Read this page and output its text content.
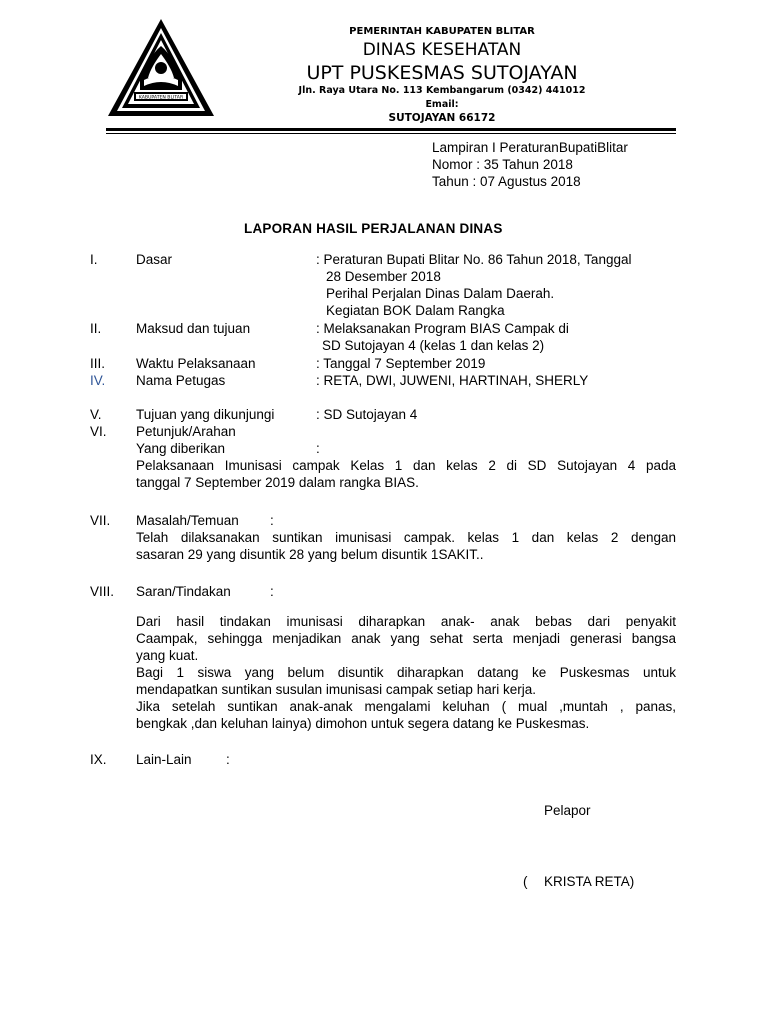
KABUPATEN BLITAR
PEMERINTAH KABUPATEN BLITAR
DINAS KESEHATAN
UPT PUSKESMAS SUTOJAYAN
Jln. Raya Utara No. 113 Kembangarum (0342) 441012
Email:
SUTOJAYAN 66172
Lampiran I PeraturanBupatiBlitar
Nomor : 35 Tahun 2018
Tahun : 07 Agustus 2018
LAPORAN HASIL PERJALANAN DINAS
I.	Dasar	: Peraturan Bupati Blitar No. 86 Tahun 2018, Tanggal
28 Desember 2018
Perihal Perjalan Dinas Dalam Daerah.
Kegiatan BOK Dalam Rangka
II.	Maksud dan tujuan	: Melaksanakan Program BIAS Campak di
SD Sutojayan 4 (kelas 1 dan kelas 2)
III. Waktu Pelaksanaan	: Tanggal 7 September 2019
IV. Nama Petugas	: RETA, DWI, JUWENI, HARTINAH, SHERLY
V.	Tujuan yang dikunjungi	: SD Sutojayan 4
VI. Petunjuk/Arahan
Yang diberikan	:
Pelaksanaan Imunisasi campak Kelas 1 dan kelas 2 di SD Sutojayan 4 pada
tanggal 7 September 2019 dalam rangka BIAS.
VII. Masalah/Temuan :
Telah dilaksanakan suntikan imunisasi campak. kelas 1 dan kelas 2 dengan
sasaran 29 yang disuntik 28 yang belum disuntik 1SAKIT..
VIII. Saran/Tindakan	:
Dari hasil tindakan imunisasi diharapkan anak- anak bebas dari penyakit
Caampak, sehingga menjadikan anak yang sehat serta menjadi generasi bangsa
yang kuat.
Bagi 1 siswa yang belum disuntik diharapkan datang ke Puskesmas untuk
mendapatkan suntikan susulan imunisasi campak setiap hari kerja.
Jika setelah suntikan anak-anak mengalami keluhan ( mual ,muntah , panas,
bengkak ,dan keluhan lainya) dimohon untuk segera datang ke Puskesmas.
IX. Lain-Lain	:
Pelapor
( KRISTA RETA)
